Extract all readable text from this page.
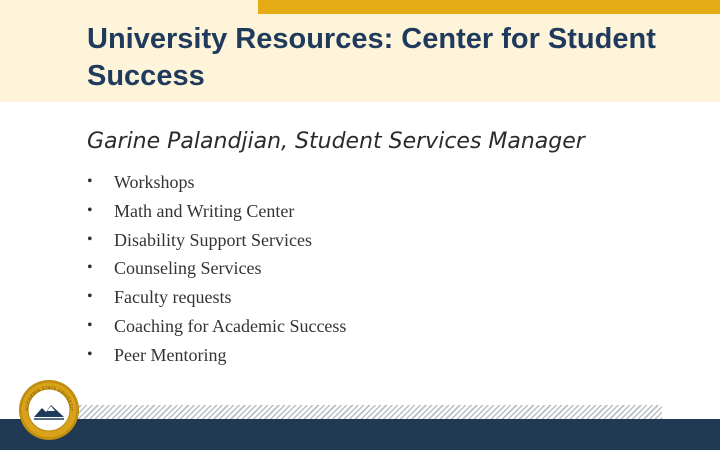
University Resources: Center for Student Success
Garine Palandjian, Student Services Manager
•	Workshops
•	Math and Writing Center
•	Disability Support Services
•	Counseling Services
•	Faculty requests
•	Coaching for Academic Success
•	Peer Mentoring
ALIFORNIA STATE UNIVERSIT
